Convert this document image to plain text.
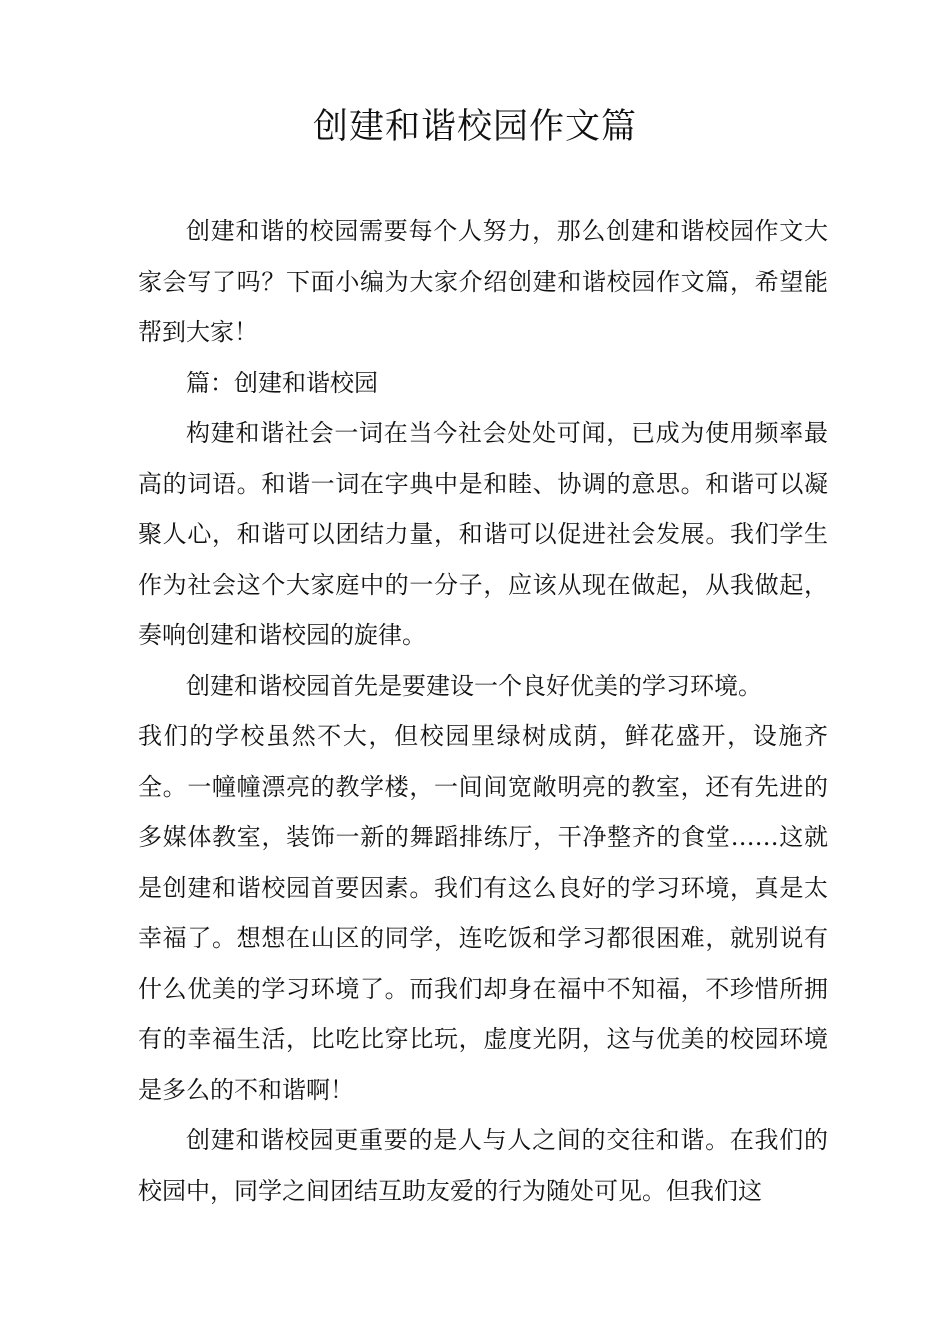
创建和谐校园作文篇

创建和谐的校园需要每个人努力，那么创建和谐校园作文大家会写了吗？下面小编为大家介绍创建和谐校园作文篇，希望能帮到大家！

篇：创建和谐校园

构建和谐社会一词在当今社会处处可闻，已成为使用频率最高的词语。和谐一词在字典中是和睦、协调的意思。和谐可以凝聚人心，和谐可以团结力量，和谐可以促进社会发展。我们学生作为社会这个大家庭中的一分子，应该从现在做起，从我做起，奏响创建和谐校园的旋律。

创建和谐校园首先是要建设一个良好优美的学习环境。

我们的学校虽然不大，但校园里绿树成荫，鲜花盛开，设施齐全。一幢幢漂亮的教学楼，一间间宽敞明亮的教室，还有先进的多媒体教室，装饰一新的舞蹈排练厅，干净整齐的食堂……这就是创建和谐校园首要因素。我们有这么良好的学习环境，真是太幸福了。想想在山区的同学，连吃饭和学习都很困难，就别说有什么优美的学习环境了。而我们却身在福中不知福，不珍惜所拥有的幸福生活，比吃比穿比玩，虚度光阴，这与优美的校园环境是多么的不和谐啊！

创建和谐校园更重要的是人与人之间的交往和谐。在我们的校园中，同学之间团结互助友爱的行为随处可见。但我们这
